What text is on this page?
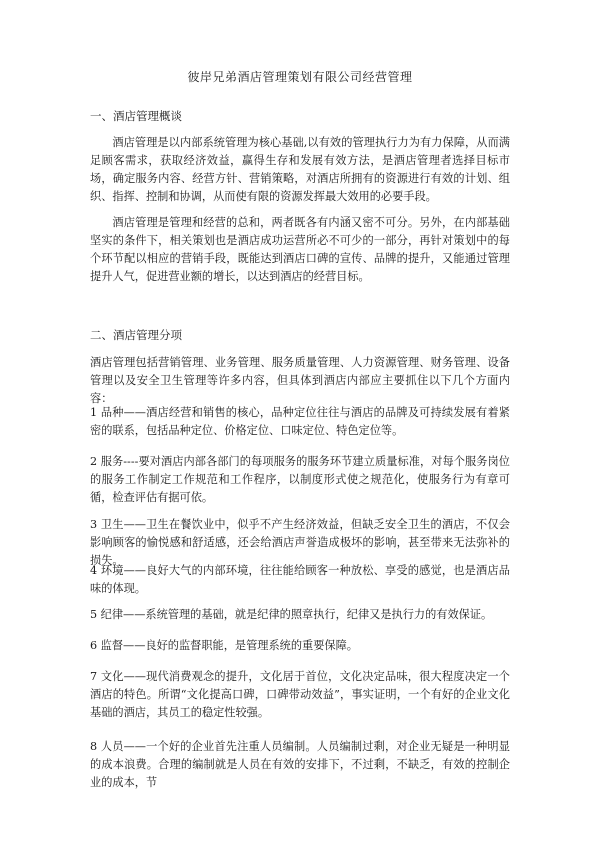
彼岸兄弟酒店管理策划有限公司经营管理
一、酒店管理概谈

酒店管理是以内部系统管理为核心基础,以有效的管理执行力为有力保障，从而满足顾客需求，获取经济效益，赢得生存和发展有效方法，是酒店管理者选择目标市场，确定服务内容、经营方针、营销策略，对酒店所拥有的资源进行有效的计划、组织、指挥、控制和协调，从而使有限的资源发挥最大效用的必要手段。

酒店管理是管理和经营的总和，两者既各有内涵又密不可分。另外，在内部基础坚实的条件下，相关策划也是酒店成功运营所必不可少的一部分，再针对策划中的每个环节配以相应的营销手段，既能达到酒店口碑的宣传、品牌的提升，又能通过管理提升人气，促进营业额的增长，以达到酒店的经营目标。

二、酒店管理分项

酒店管理包括营销管理、业务管理、服务质量管理、人力资源管理、财务管理、设备管理以及安全卫生管理等许多内容，但具体到酒店内部应主要抓住以下几个方面内容：

1 品种——酒店经营和销售的核心，品种定位往往与酒店的品牌及可持续发展有着紧密的联系，包括品种定位、价格定位、口味定位、特色定位等。

2 服务----要对酒店内部各部门的每项服务的服务环节建立质量标准，对每个服务岗位的服务工作制定工作规范和工作程序，以制度形式使之规范化，使服务行为有章可循，检查评估有据可依。

3 卫生——卫生在餐饮业中，似乎不产生经济效益，但缺乏安全卫生的酒店，不仅会影响顾客的愉悦感和舒适感，还会给酒店声誉造成极坏的影响，甚至带来无法弥补的损失。

4 环境——良好大气的内部环境，往往能给顾客一种放松、享受的感觉，也是酒店品味的体现。

5 纪律——系统管理的基础，就是纪律的照章执行，纪律又是执行力的有效保证。

6 监督——良好的监督职能，是管理系统的重要保障。

7 文化——现代消费观念的提升，文化居于首位，文化决定品味，很大程度决定一个酒店的特色。所谓“文化提高口碑，口碑带动效益”，事实证明，一个有好的企业文化基础的酒店，其员工的稳定性较强。

8 人员——一个好的企业首先注重人员编制。人员编制过剩，对企业无疑是一种明显的成本浪费。合理的编制就是人员在有效的安排下，不过剩，不缺乏，有效的控制企业的成本，节
